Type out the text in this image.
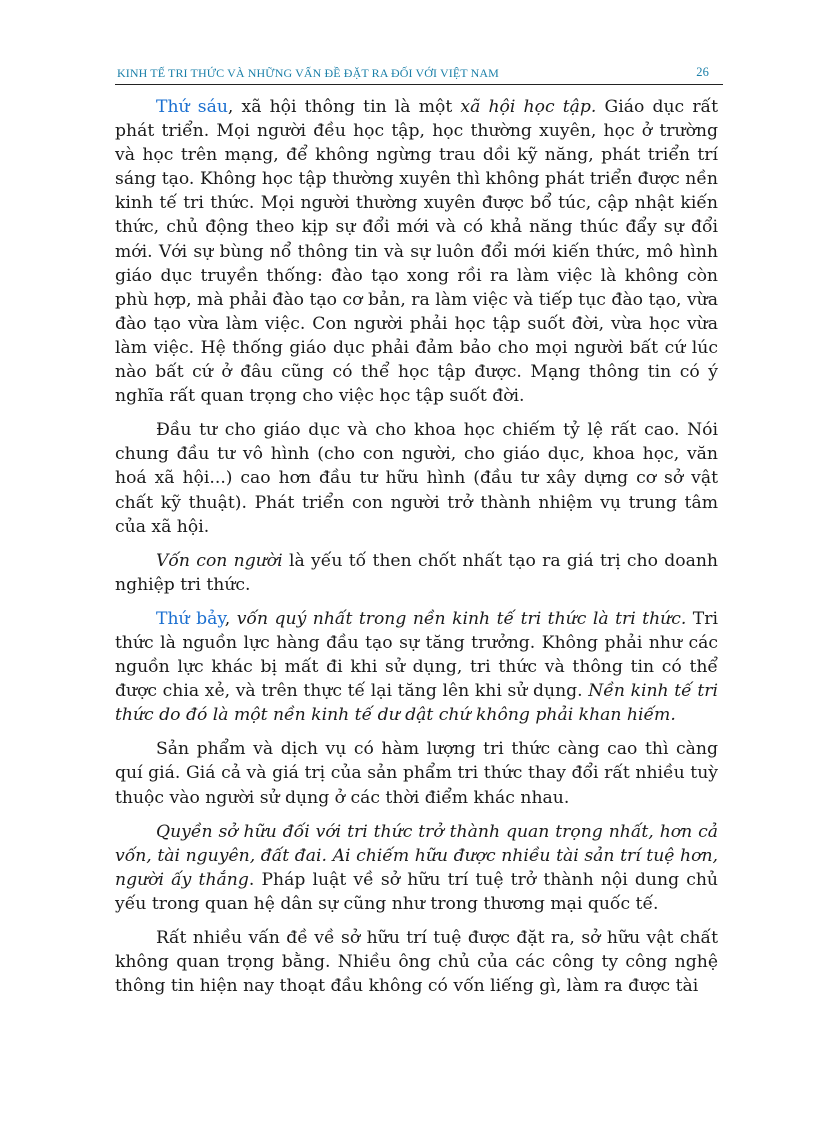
KINH TẾ TRI THỨC VÀ NHỮNG VẤN ĐỀ ĐẶT RA ĐỐI VỚI VIỆT NAM	26

Thứ sáu, xã hội thông tin là một xã hội học tập. Giáo dục rất phát triển. Mọi người đều học tập, học thường xuyên, học ở trường và học trên mạng, để không ngừng trau dồi kỹ năng, phát triển trí sáng tạo. Không học tập thường xuyên thì không phát triển được nền kinh tế tri thức. Mọi người thường xuyên được bổ túc, cập nhật kiến thức, chủ động theo kịp sự đổi mới và có khả năng thúc đẩy sự đổi mới. Với sự bùng nổ thông tin và sự luôn đổi mới kiến thức, mô hình giáo dục truyền thống: đào tạo xong rồi ra làm việc là không còn phù hợp, mà phải đào tạo cơ bản, ra làm việc và tiếp tục đào tạo, vừa đào tạo vừa làm việc. Con người phải học tập suốt đời, vừa học vừa làm việc. Hệ thống giáo dục phải đảm bảo cho mọi người bất cứ lúc nào bất cứ ở đâu cũng có thể học tập được. Mạng thông tin có ý nghĩa rất quan trọng cho việc học tập suốt đời.

Đầu tư cho giáo dục và cho khoa học chiếm tỷ lệ rất cao. Nói chung đầu tư vô hình (cho con người, cho giáo dục, khoa học, văn hoá xã hội...) cao hơn đầu tư hữu hình (đầu tư xây dựng cơ sở vật chất kỹ thuật). Phát triển con người trở thành nhiệm vụ trung tâm của xã hội.

Vốn con người là yếu tố then chốt nhất tạo ra giá trị cho doanh nghiệp tri thức.

Thứ bảy, vốn quý nhất trong nền kinh tế tri thức là tri thức. Tri thức là nguồn lực hàng đầu tạo sự tăng trưởng. Không phải như các nguồn lực khác bị mất đi khi sử dụng, tri thức và thông tin có thể được chia xẻ, và trên thực tế lại tăng lên khi sử dụng. Nền kinh tế tri thức do đó là một nền kinh tế dư dật chứ không phải khan hiếm.

Sản phẩm và dịch vụ có hàm lượng tri thức càng cao thì càng quí giá. Giá cả và giá trị của sản phẩm tri thức thay đổi rất nhiều tuỳ thuộc vào người sử dụng ở các thời điểm khác nhau.

Quyền sở hữu đối với tri thức trở thành quan trọng nhất, hơn cả vốn, tài nguyên, đất đai. Ai chiếm hữu được nhiều tài sản trí tuệ hơn, người ấy thắng. Pháp luật về sở hữu trí tuệ trở thành nội dung chủ yếu trong quan hệ dân sự cũng như trong thương mại quốc tế.

Rất nhiều vấn đề về sở hữu trí tuệ được đặt ra, sở hữu vật chất không quan trọng bằng. Nhiều ông chủ của các công ty công nghệ thông tin hiện nay thoạt đầu không có vốn liếng gì, làm ra được tài
